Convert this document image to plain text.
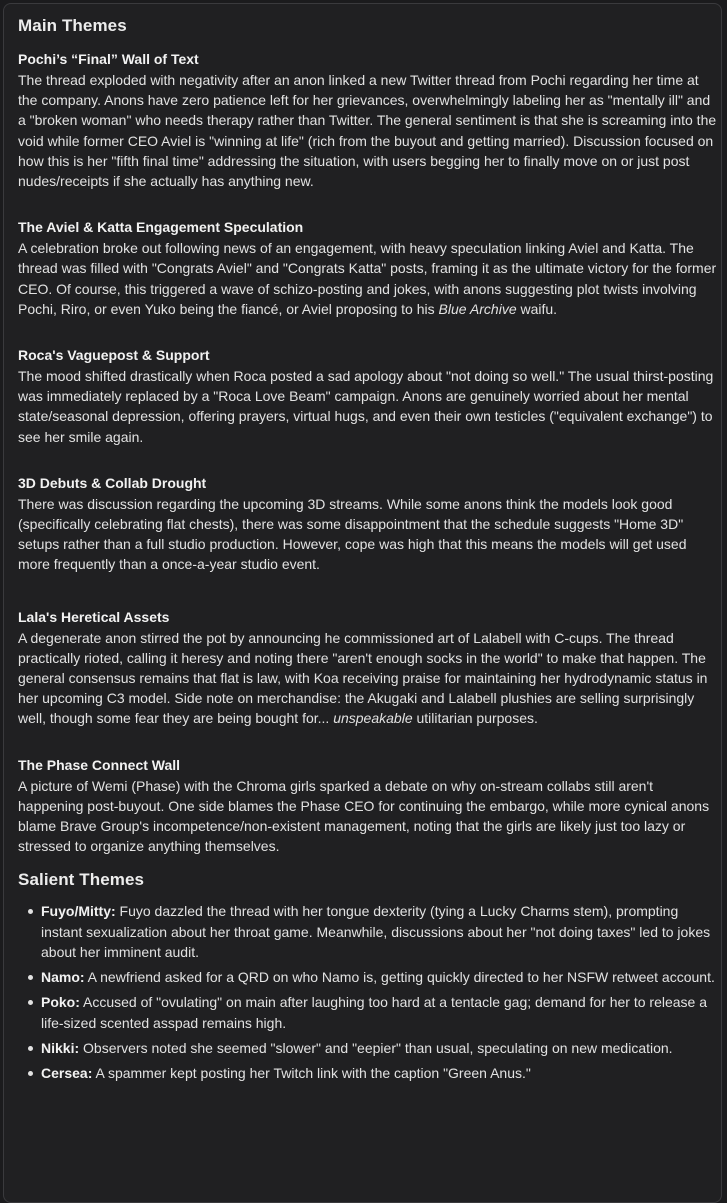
Main Themes
Pochi’s “Final” Wall of Text

The thread exploded with negativity after an anon linked a new Twitter thread from Pochi regarding her time at the company. Anons have zero patience left for her grievances, overwhelmingly labeling her as "mentally ill" and a "broken woman" who needs therapy rather than Twitter. The general sentiment is that she is screaming into the void while former CEO Aviel is "winning at life" (rich from the buyout and getting married). Discussion focused on how this is her "fifth final time" addressing the situation, with users begging her to finally move on or just post nudes/receipts if she actually has anything new.

The Aviel & Katta Engagement Speculation

A celebration broke out following news of an engagement, with heavy speculation linking Aviel and Katta. The thread was filled with "Congrats Aviel" and "Congrats Katta" posts, framing it as the ultimate victory for the former CEO. Of course, this triggered a wave of schizo-posting and jokes, with anons suggesting plot twists involving Pochi, Riro, or even Yuko being the fiancé, or Aviel proposing to his Blue Archive waifu.

Roca's Vaguepost & Support

The mood shifted drastically when Roca posted a sad apology about "not doing so well." The usual thirst-posting was immediately replaced by a "Roca Love Beam" campaign. Anons are genuinely worried about her mental state/seasonal depression, offering prayers, virtual hugs, and even their own testicles ("equivalent exchange") to see her smile again.

3D Debuts & Collab Drought

There was discussion regarding the upcoming 3D streams. While some anons think the models look good (specifically celebrating flat chests), there was some disappointment that the schedule suggests "Home 3D" setups rather than a full studio production. However, cope was high that this means the models will get used more frequently than a once-a-year studio event.

Lala's Heretical Assets

A degenerate anon stirred the pot by announcing he commissioned art of Lalabell with C-cups. The thread practically rioted, calling it heresy and noting there "aren't enough socks in the world" to make that happen. The general consensus remains that flat is law, with Koa receiving praise for maintaining her hydrodynamic status in her upcoming C3 model. Side note on merchandise: the Akugaki and Lalabell plushies are selling surprisingly well, though some fear they are being bought for... unspeakable utilitarian purposes.

The Phase Connect Wall

A picture of Wemi (Phase) with the Chroma girls sparked a debate on why on-stream collabs still aren't happening post-buyout. One side blames the Phase CEO for continuing the embargo, while more cynical anons blame Brave Group's incompetence/non-existent management, noting that the girls are likely just too lazy or stressed to organize anything themselves.

Salient Themes
Fuyo/Mitty: Fuyo dazzled the thread with her tongue dexterity (tying a Lucky Charms stem), prompting instant sexualization about her throat game. Meanwhile, discussions about her "not doing taxes" led to jokes about her imminent audit.
Namo: A newfriend asked for a QRD on who Namo is, getting quickly directed to her NSFW retweet account.
Poko: Accused of "ovulating" on main after laughing too hard at a tentacle gag; demand for her to release a life-sized scented asspad remains high.
Nikki: Observers noted she seemed "slower" and "eepier" than usual, speculating on new medication.
Cersea: A spammer kept posting her Twitch link with the caption "Green Anus."
